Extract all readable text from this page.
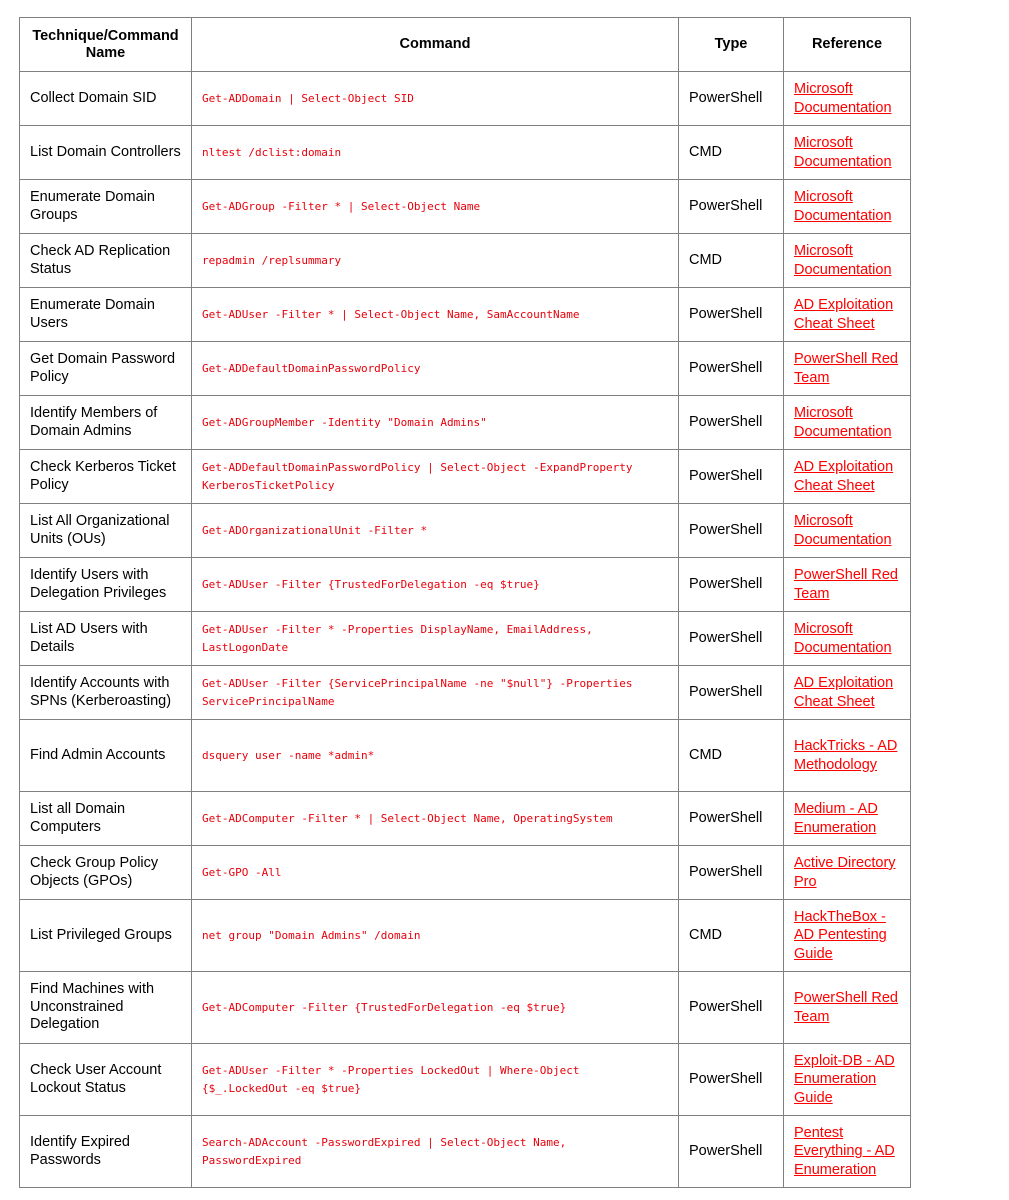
Technique/Command Name	Command	Type	Reference
Collect Domain SID	Get-ADDomain | Select-Object SID	PowerShell	Microsoft Documentation
List Domain Controllers	nltest /dclist:domain	CMD	Microsoft Documentation
Enumerate Domain Groups	Get-ADGroup -Filter * | Select-Object Name	PowerShell	Microsoft Documentation
Check AD Replication Status	repadmin /replsummary	CMD	Microsoft Documentation
Enumerate Domain Users	Get-ADUser -Filter * | Select-Object Name, SamAccountName	PowerShell	AD Exploitation Cheat Sheet
Get Domain Password Policy	Get-ADDefaultDomainPasswordPolicy	PowerShell	PowerShell Red Team
Identify Members of Domain Admins	Get-ADGroupMember -Identity "Domain Admins"	PowerShell	Microsoft Documentation
Check Kerberos Ticket Policy	Get-ADDefaultDomainPasswordPolicy | Select-Object -ExpandProperty KerberosTicketPolicy	PowerShell	AD Exploitation Cheat Sheet
List All Organizational Units (OUs)	Get-ADOrganizationalUnit -Filter *	PowerShell	Microsoft Documentation
Identify Users with Delegation Privileges	Get-ADUser -Filter {TrustedForDelegation -eq $true}	PowerShell	PowerShell Red Team
List AD Users with Details	Get-ADUser -Filter * -Properties DisplayName, EmailAddress, LastLogonDate	PowerShell	Microsoft Documentation
Identify Accounts with SPNs (Kerberoasting)	Get-ADUser -Filter {ServicePrincipalName -ne "$null"} -Properties ServicePrincipalName	PowerShell	AD Exploitation Cheat Sheet
Find Admin Accounts	dsquery user -name *admin*	CMD	HackTricks - AD Methodology
List all Domain Computers	Get-ADComputer -Filter * | Select-Object Name, OperatingSystem	PowerShell	Medium - AD Enumeration
Check Group Policy Objects (GPOs)	Get-GPO -All	PowerShell	Active Directory Pro
List Privileged Groups	net group "Domain Admins" /domain	CMD	HackTheBox - AD Pentesting Guide
Find Machines with Unconstrained Delegation	Get-ADComputer -Filter {TrustedForDelegation -eq $true}	PowerShell	PowerShell Red Team
Check User Account Lockout Status	Get-ADUser -Filter * -Properties LockedOut | Where-Object {$_.LockedOut -eq $true}	PowerShell	Exploit-DB - AD Enumeration Guide
Identify Expired Passwords	Search-ADAccount -PasswordExpired | Select-Object Name, PasswordExpired	PowerShell	Pentest Everything - AD Enumeration
